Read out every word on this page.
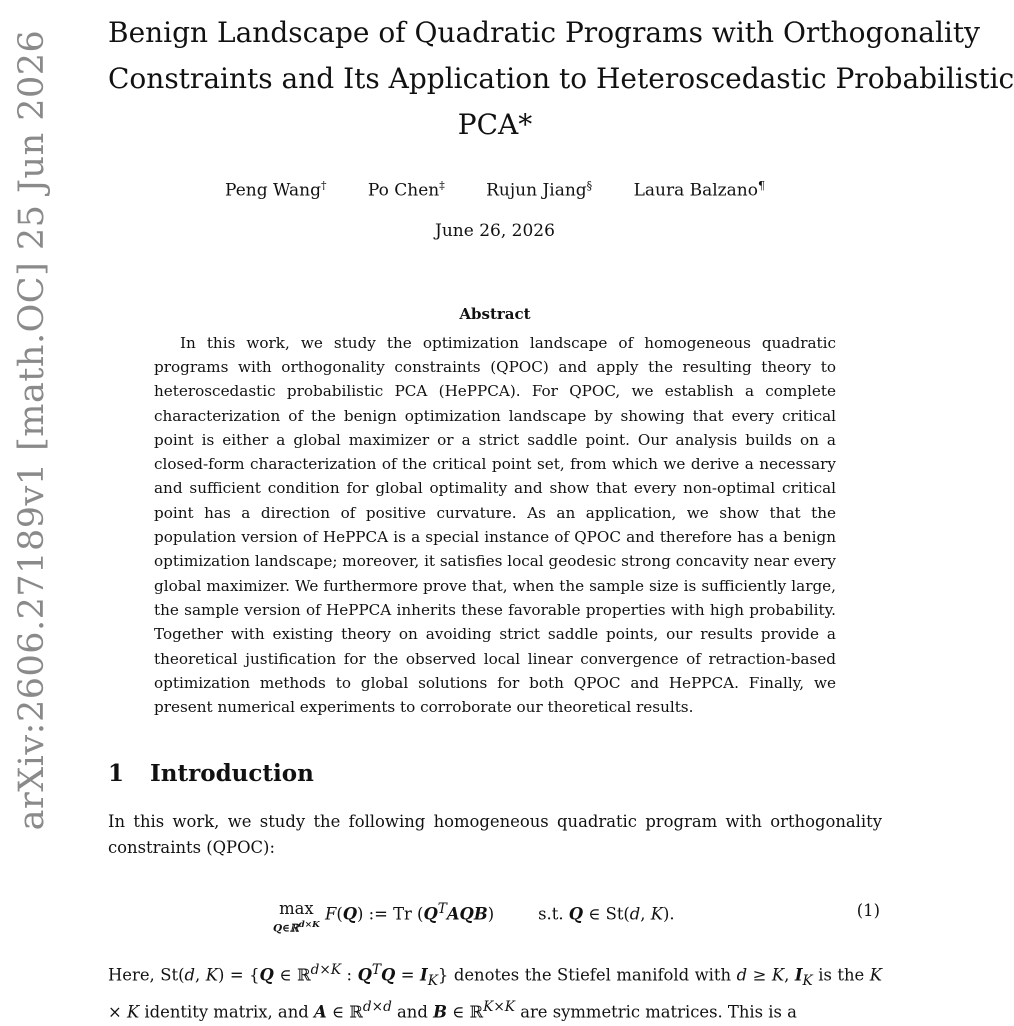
arXiv:2606.27189v1 [math.OC] 25 Jun 2026	Benign Landscape of Quadratic Programs with Orthogonality
Constraints and Its Application to Heteroscedastic Probabilistic
PCA*
Peng Wang† Po Chen‡ Rujun Jiang§ Laura Balzano¶
June 26, 2026
Abstract

In this work, we study the optimization landscape of homogeneous quadratic programs with orthogonality constraints (QPOC) and apply the resulting theory to heteroscedastic probabilistic PCA (HePPCA). For QPOC, we establish a complete characterization of the benign optimization landscape by showing that every critical point is either a global maximizer or a strict saddle point. Our analysis builds on a closed-form characterization of the critical point set, from which we derive a necessary and sufficient condition for global optimality and show that every non-optimal critical point has a direction of positive curvature. As an application, we show that the population version of HePPCA is a special instance of QPOC and therefore has a benign optimization landscape; moreover, it satisfies local geodesic strong concavity near every global maximizer. We furthermore prove that, when the sample size is sufficiently large, the sample version of HePPCA inherits these favorable properties with high probability. Together with existing theory on avoiding strict saddle points, our results provide a theoretical justification for the observed local linear convergence of retraction-based optimization methods to global solutions for both QPOC and HePPCA. Finally, we present numerical experiments to corroborate our theoretical results.

1 Introduction
In this work, we study the following homogeneous quadratic program with orthogonality constraints (QPOC):
max
Q∈ℝ$^{d\times K}$
F(Q) := Tr $(Q^TAQB)$	s.t. Q ∈ St(d, K).	(1)
Here, St(d, K) = {Q ∈ ℝ$^{d\times K}$ : $Q^TQ = I_K$} denotes the Stiefel manifold with d ≥ K, $I_K$ is the K × K identity matrix, and A ∈ ℝ$^{d\times d}$ and B ∈ ℝ$^{K\times K}$ are symmetric matrices. This is a
